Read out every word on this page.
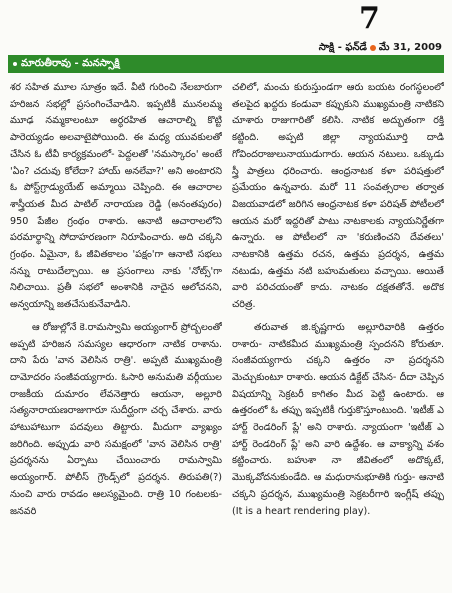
7
సాక్షి - ఫన్‌డే మే 31, 2009
మారుతీరావు - మనస్సాక్షి

శర సహిత మూల సూత్రం ఇదే. వీటి గురించి నేలబారుగా హరిజన సభల్లో ప్రసంగించేవాడిని. ఇప్పటికీ మునలమ్మ మూఢ నమ్మకాలంటూ అర్ధరహిత ఆచారాల్ని కొట్టి పారెయ్యడం అలవాటైపోయింది. ఈ మధ్య యువకులతో చేసిన ఓ టీవీ కార్యక్రమంలో- పెద్దలతో 'నమస్కారం' అంటే 'ఏం? చదువు కోలేదా? హాయ్ అనలేవా?' అని అంటారని ఓ పోస్ట్‌గ్రాడ్యుయేట్ అమ్మాయి చెప్పింది. ఈ ఆచారాల శాస్త్రీయత మీద పాటిల్ నారాయణ రెడ్డి (అనంతపురం) 950 పేజీల గ్రంథం రాశారు. ఆనాటి ఆచారాలలోని పరమార్థాన్ని సోదాహరణంగా నిరూపించారు. అది చక్కని గ్రంథం. ఏమైనా, ఓ జీవితకాలం 'పక్షం'గా ఆనాటి సభలు నన్ను రాటుదేల్చాయి. ఆ ప్రసంగాలు నాకు 'నోట్స్'గా నిలిచాయి. ప్రతీ సభలో అంశానికి నాదైన ఆలోచనని, అన్వయాన్ని జతచేసుకునేవాడిని.

ఆ రోజుల్లోనే కె.రామస్వామి అయ్యంగార్ ప్రోద్బలంతో అప్పటి హరిజన సమస్యల ఆధారంగా నాటిక రాశాను. దాని పేరు 'వాన వెలిసిన రాత్రి'. అప్పటి ముఖ్యమంత్రి దామోదరం సంజీవయ్యగారు. ఓసారి అనుమతి వర్గీయుల రాజకీయ దుమారం లేవనెత్తారు ఆయనా, అల్లూరి సత్యనారాయణరాజుగారూ సుదీర్ఘంగా చర్చ చేశారు. వారు హాటుహాటుగా పదవులు తిట్టారు. మీదుగా వ్యాఖ్యం జరిగింది. అప్పుడు వారి సమక్షంలో 'వాన వెలిసిన రాత్రి' ప్రదర్శనను ఏర్పాటు చేయించారు రామస్వామి అయ్యంగార్. పోలీస్ గ్రౌండ్స్‌లో ప్రదర్శన. తిరుపతి(?) నుంచి వారు రావడం ఆలస్యమైంది. రాత్రి 10 గంటలకు- జనవరి

చలిలో, మంచు కురుస్తుండగా ఆరు బయట రంగస్థలంలో తలపైద ఖద్దరు కండువా కప్పుకుని ముఖ్యమంత్రి నాటికని చూశారు రాజుగారితో కలిసి. నాటిక అద్భుతంగా రక్తి కట్టింది. అప్పటి జిల్లా న్యాయమూర్తి దాడి గోవిందరాజులునాయుడుగారు. ఆయన నటులు. ఒక్కుడు స్త్రీ పాత్రలు ధరించారు. ఆంధ్రనాటక కళా పరిషత్తులో ప్రమేయం ఉన్నవారు. మరో 11 సంవత్సరాల తర్వాత విజయవాడలో జరిగిన ఆంధ్రనాటక కళా పరిషత్ పోటీలలో ఆయన మరో ఇద్దరితో పాటు నాటకాలకు న్యాయనిర్ణేతగా ఉన్నారు. ఆ పోటీలలో నా 'కరుణించని దేవతలు' నాటకానికి ఉత్తమ రచన, ఉత్తమ ప్రదర్శన, ఉత్తమ నటుడు, ఉత్తమ నటి బహుమతులు వచ్చాయి. ఆయితే వారి పరిచయంతో కాదు. నాటకం దక్షతతోనే. అదొక చరిత్ర.

తరువాత జి.కృష్ణగారు అల్లూరివారికి ఉత్తరం రాశారు- నాటికమీద ముఖ్యమంత్రి స్పందనని కోరుతూ. సంజీవయ్యగారు చక్కని ఉత్తరం నా ప్రదర్శనని మెచ్చుకుంటూ రాశారు. ఆయన డిక్టేట్ చేసిన- దీదా చెప్పిన విషయాన్ని సెక్రటరీ కాగితం మీద పెట్టి ఉంటారు. ఆ ఉత్తరంలో ఓ తప్పు ఇప్పటికీ గుర్తుకొస్తూంటుంది. 'ఇటీజ్ ఎ హార్ట్ రెండరింగ్ ప్లే' అని రాశారు. న్యాయంగా 'ఇటీజ్ ఎ హార్ట్ రెండరింగ్ ప్లే' అని వారి ఉద్దేశం. ఆ వాక్యాన్ని వశం కట్టించారు. బహుశా నా జీవితంలో అదొక్కటే, మొక్కవోదనుకుండేది. ఆ మధురానుభూతికి గుర్తు- ఆనాటి చక్కని ప్రదర్శన, ముఖ్యమంత్రి సెక్రటరీగారి ఇంగ్లీష్ తప్పు (It is a heart rendering play).
